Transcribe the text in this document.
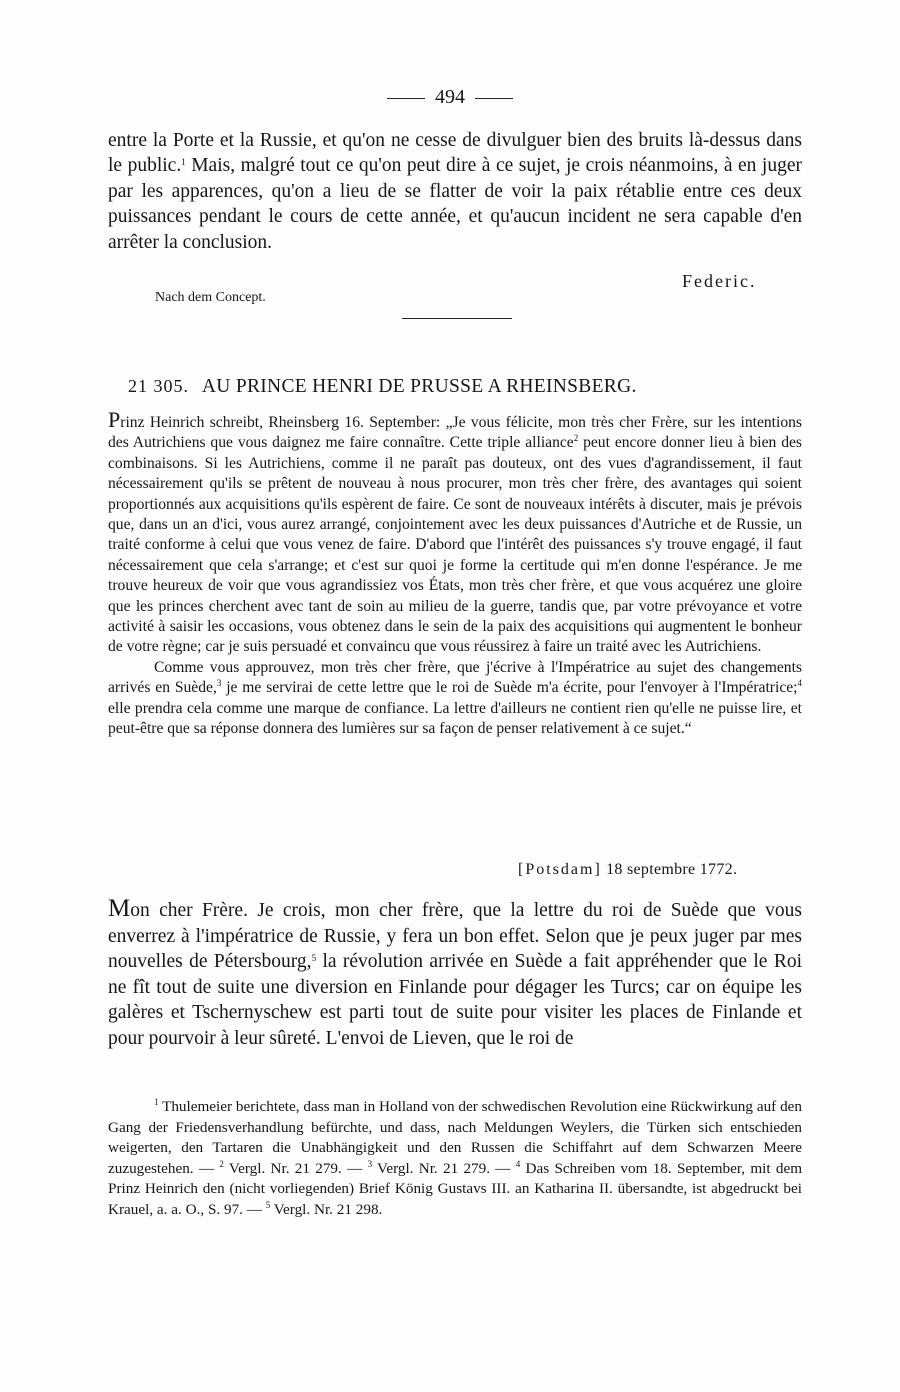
494

entre la Porte et la Russie, et qu'on ne cesse de divulguer bien des bruits là-dessus dans le public.$^1$ Mais, malgré tout ce qu'on peut dire à ce sujet, je crois néanmoins, à en juger par les apparences, qu'on a lieu de se flatter de voir la paix rétablie entre ces deux puissances pendant le cours de cette année, et qu'aucun incident ne sera capable d'en arrêter la conclusion.

Federic.
Nach dem Concept.
21 305. AU PRINCE HENRI DE PRUSSE A RHEINSBERG.

Prinz Heinrich schreibt, Rheinsberg 16. September: „Je vous félicite, mon très cher Frère, sur les intentions des Autrichiens que vous daignez me faire connaître. Cette triple alliance$^2$ peut encore donner lieu à bien des combinaisons. Si les Autrichiens, comme il ne paraît pas douteux, ont des vues d'agrandissement, il faut nécessairement qu'ils se prêtent de nouveau à nous procurer, mon très cher frère, des avantages qui soient proportionnés aux acquisitions qu'ils espèrent de faire. Ce sont de nouveaux intérêts à discuter, mais je prévois que, dans un an d'ici, vous aurez arrangé, conjointement avec les deux puissances d'Autriche et de Russie, un traité conforme à celui que vous venez de faire. D'abord que l'intérêt des puissances s'y trouve engagé, il faut nécessairement que cela s'arrange; et c'est sur quoi je forme la certitude qui m'en donne l'espérance. Je me trouve heureux de voir que vous agrandissiez vos États, mon très cher frère, et que vous acquérez une gloire que les princes cherchent avec tant de soin au milieu de la guerre, tandis que, par votre prévoyance et votre activité à saisir les occasions, vous obtenez dans le sein de la paix des acquisitions qui augmentent le bonheur de votre règne; car je suis persuadé et convaincu que vous réussirez à faire un traité avec les Autrichiens.

Comme vous approuvez, mon très cher frère, que j'écrive à l'Impératrice au sujet des changements arrivés en Suède,$^3$ je me servirai de cette lettre que le roi de Suède m'a écrite, pour l'envoyer à l'Impératrice;$^4$ elle prendra cela comme une marque de confiance. La lettre d'ailleurs ne contient rien qu'elle ne puisse lire, et peut-être que sa réponse donnera des lumières sur sa façon de penser relativement à ce sujet.“

[Potsdam] 18 septembre 1772.

Mon cher Frère. Je crois, mon cher frère, que la lettre du roi de Suède que vous enverrez à l'impératrice de Russie, y fera un bon effet. Selon que je peux juger par mes nouvelles de Pétersbourg,$^5$ la révolution arrivée en Suède a fait appréhender que le Roi ne fît tout de suite une diversion en Finlande pour dégager les Turcs; car on équipe les galères et Tschernyschew est parti tout de suite pour visiter les places de Finlande et pour pourvoir à leur sûreté. L'envoi de Lieven, que le roi de

$^1$ Thulemeier berichtete, dass man in Holland von der schwedischen Revolution eine Rückwirkung auf den Gang der Friedensverhandlung befürchte, und dass, nach Meldungen Weylers, die Türken sich entschieden weigerten, den Tartaren die Unabhängigkeit und den Russen die Schiffahrt auf dem Schwarzen Meere zuzugestehen. — $^2$ Vergl. Nr. 21 279. — $^3$ Vergl. Nr. 21 279. — $^4$ Das Schreiben vom 18. September, mit dem Prinz Heinrich den (nicht vorliegenden) Brief König Gustavs III. an Katharina II. übersandte, ist abgedruckt bei Krauel, a. a. O., S. 97. — $^5$ Vergl. Nr. 21 298.
